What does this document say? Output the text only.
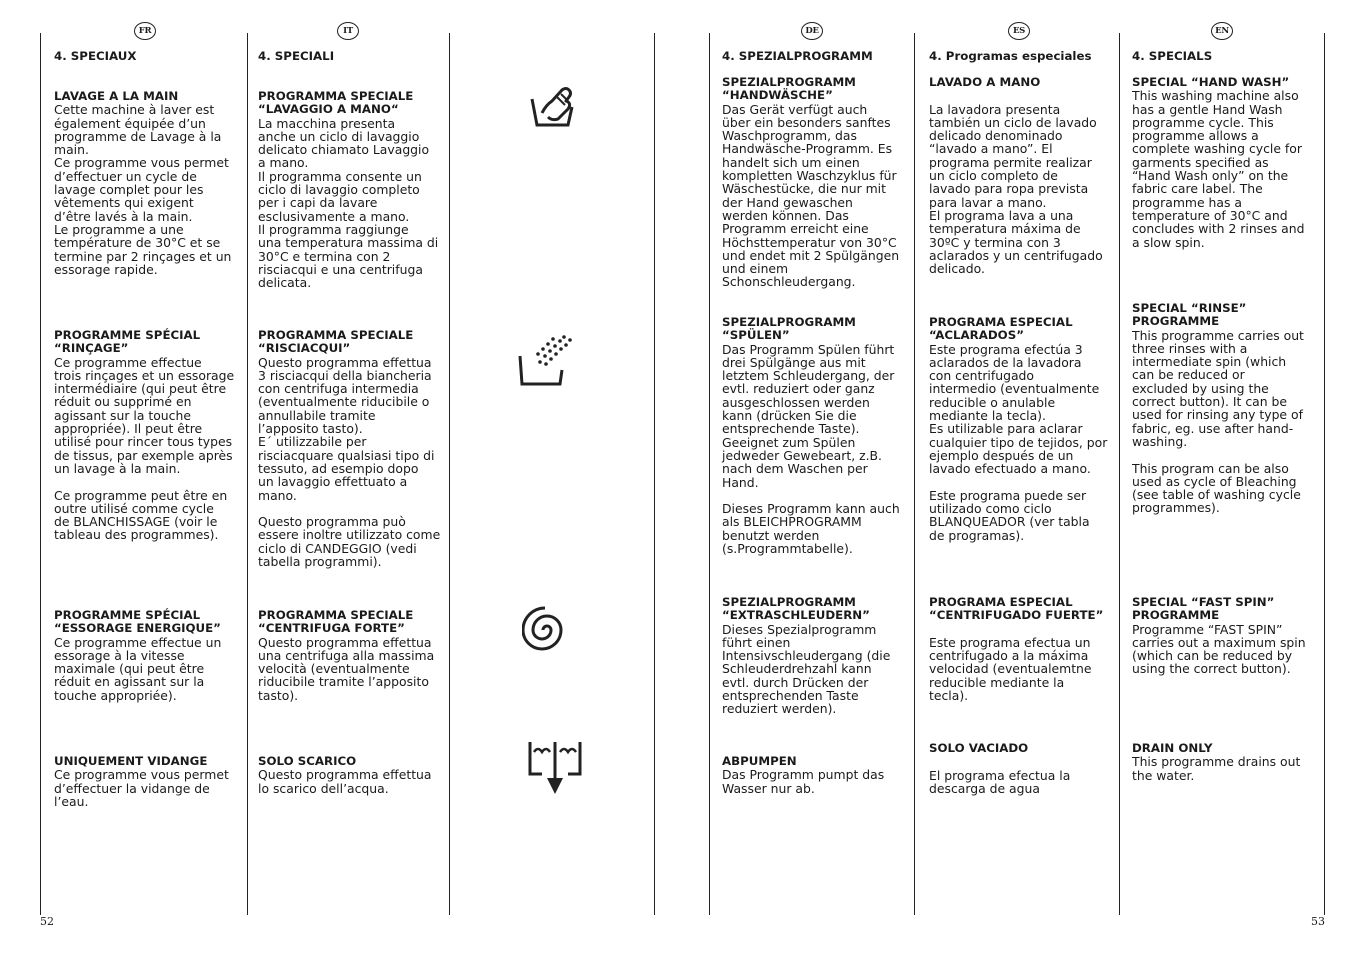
FR	IT	DE	ES	EN
4. SPECIAUX
LAVAGE A LA MAIN
Cette machine à laver est
également équipée d’un
programme de Lavage à la
main.
Ce programme vous permet
d’effectuer un cycle de
lavage complet pour les
vêtements qui exigent
d’être lavés à la main.
Le programme a une
température de 30°C et se
termine par 2 rinçages et un
essorage rapide.
PROGRAMME SPÉCIAL
“RINÇAGE”
Ce programme effectue
trois rinçages et un essorage
intermédiaire (qui peut être
réduit ou supprimé en
agissant sur la touche
appropriée). Il peut être
utilisé pour rincer tous types
de tissus, par exemple après
un lavage à la main.

Ce programme peut être en
outre utilisé comme cycle
de BLANCHISSAGE (voir le
tableau des programmes).
PROGRAMME SPÉCIAL
“ESSORAGE ENERGIQUE”
Ce programme effectue un
essorage à la vitesse
maximale (qui peut être
réduit en agissant sur la
touche appropriée).
UNIQUEMENT VIDANGE
Ce programme vous permet
d’effectuer la vidange de
l’eau.
4. SPECIALI
PROGRAMMA SPECIALE
“LAVAGGIO A MANO“
La macchina presenta
anche un ciclo di lavaggio
delicato chiamato Lavaggio
a mano.
Il programma consente un
ciclo di lavaggio completo
per i capi da lavare
esclusivamente a mano.
Il programma raggiunge
una temperatura massima di
30°C e termina con 2
risciacqui e una centrifuga
delicata.
PROGRAMMA SPECIALE
“RISCIACQUI”
Questo programma effettua
3 risciacqui della biancheria
con centrifuga intermedia
(eventualmente riducibile o
annullabile tramite
l’apposito tasto).
E´ utilizzabile per
risciacquare qualsiasi tipo di
tessuto, ad esempio dopo
un lavaggio effettuato a
mano.

Questo programma può
essere inoltre utilizzato come
ciclo di CANDEGGIO (vedi
tabella programmi).
PROGRAMMA SPECIALE
“CENTRIFUGA FORTE”
Questo programma effettua
una centrifuga alla massima
velocità (eventualmente
riducibile tramite l’apposito
tasto).
SOLO SCARICO
Questo programma effettua
lo scarico dell’acqua.
4. SPEZIALPROGRAMM
SPEZIALPROGRAMM
“HANDWÄSCHE”
Das Gerät verfügt auch
über ein besonders sanftes
Waschprogramm, das
Handwäsche-Programm. Es
handelt sich um einen
kompletten Waschzyklus für
Wäschestücke, die nur mit
der Hand gewaschen
werden können. Das
Programm erreicht eine
Höchsttemperatur von 30°C
und endet mit 2 Spülgängen
und einem
Schonschleudergang.
SPEZIALPROGRAMM
“SPÜLEN”
Das Programm Spülen führt
drei Spülgänge aus mit
letztem Schleudergang, der
evtl. reduziert oder ganz
ausgeschlossen werden
kann (drücken Sie die
entsprechende Taste).
Geeignet zum Spülen
jedweder Gewebeart, z.B.
nach dem Waschen per
Hand.

Dieses Programm kann auch
als BLEICHPROGRAMM
benutzt werden
(s.Programmtabelle).
SPEZIALPROGRAMM
“EXTRASCHLEUDERN”
Dieses Spezialprogramm
führt einen
Intensivschleudergang (die
Schleuderdrehzahl kann
evtl. durch Drücken der
entsprechenden Taste
reduziert werden).
ABPUMPEN
Das Programm pumpt das
Wasser nur ab.
4. Programas especiales
LAVADO A MANO

La lavadora presenta
también un ciclo de lavado
delicado denominado
“lavado a mano”. El
programa permite realizar
un ciclo completo de
lavado para ropa prevista
para lavar a mano.
El programa lava a una
temperatura máxima de
30ºC y termina con 3
aclarados y un centrifugado
delicado.
PROGRAMA ESPECIAL
“ACLARADOS”
Este programa efectúa 3
aclarados de la lavadora
con centrifugado
intermedio (eventualmente
reducible o anulable
mediante la tecla).
Es utilizable para aclarar
cualquier tipo de tejidos, por
ejemplo después de un
lavado efectuado a mano.

Este programa puede ser
utilizado como ciclo
BLANQUEADOR (ver tabla
de programas).
PROGRAMA ESPECIAL
“CENTRIFUGADO FUERTE”

Este programa efectua un
centrifugado a la máxima
velocidad (eventualemtne
reducible mediante la
tecla).
SOLO VACIADO

El programa efectua la
descarga de agua
4. SPECIALS
SPECIAL “HAND WASH”
This washing machine also
has a gentle Hand Wash
programme cycle. This
programme allows a
complete washing cycle for
garments specified as
“Hand Wash only” on the
fabric care label. The
programme has a
temperature of 30°C and
concludes with 2 rinses and
a slow spin.
SPECIAL “RINSE”
PROGRAMME
This programme carries out
three rinses with a
intermediate spin (which
can be reduced or
excluded by using the
correct button). It can be
used for rinsing any type of
fabric, eg. use after hand-
washing.

This program can be also
used as cycle of Bleaching
(see table of washing cycle
programmes).
SPECIAL “FAST SPIN”
PROGRAMME
Programme “FAST SPIN”
carries out a maximum spin
(which can be reduced by
using the correct button).
DRAIN ONLY
This programme drains out
the water.
52	53
